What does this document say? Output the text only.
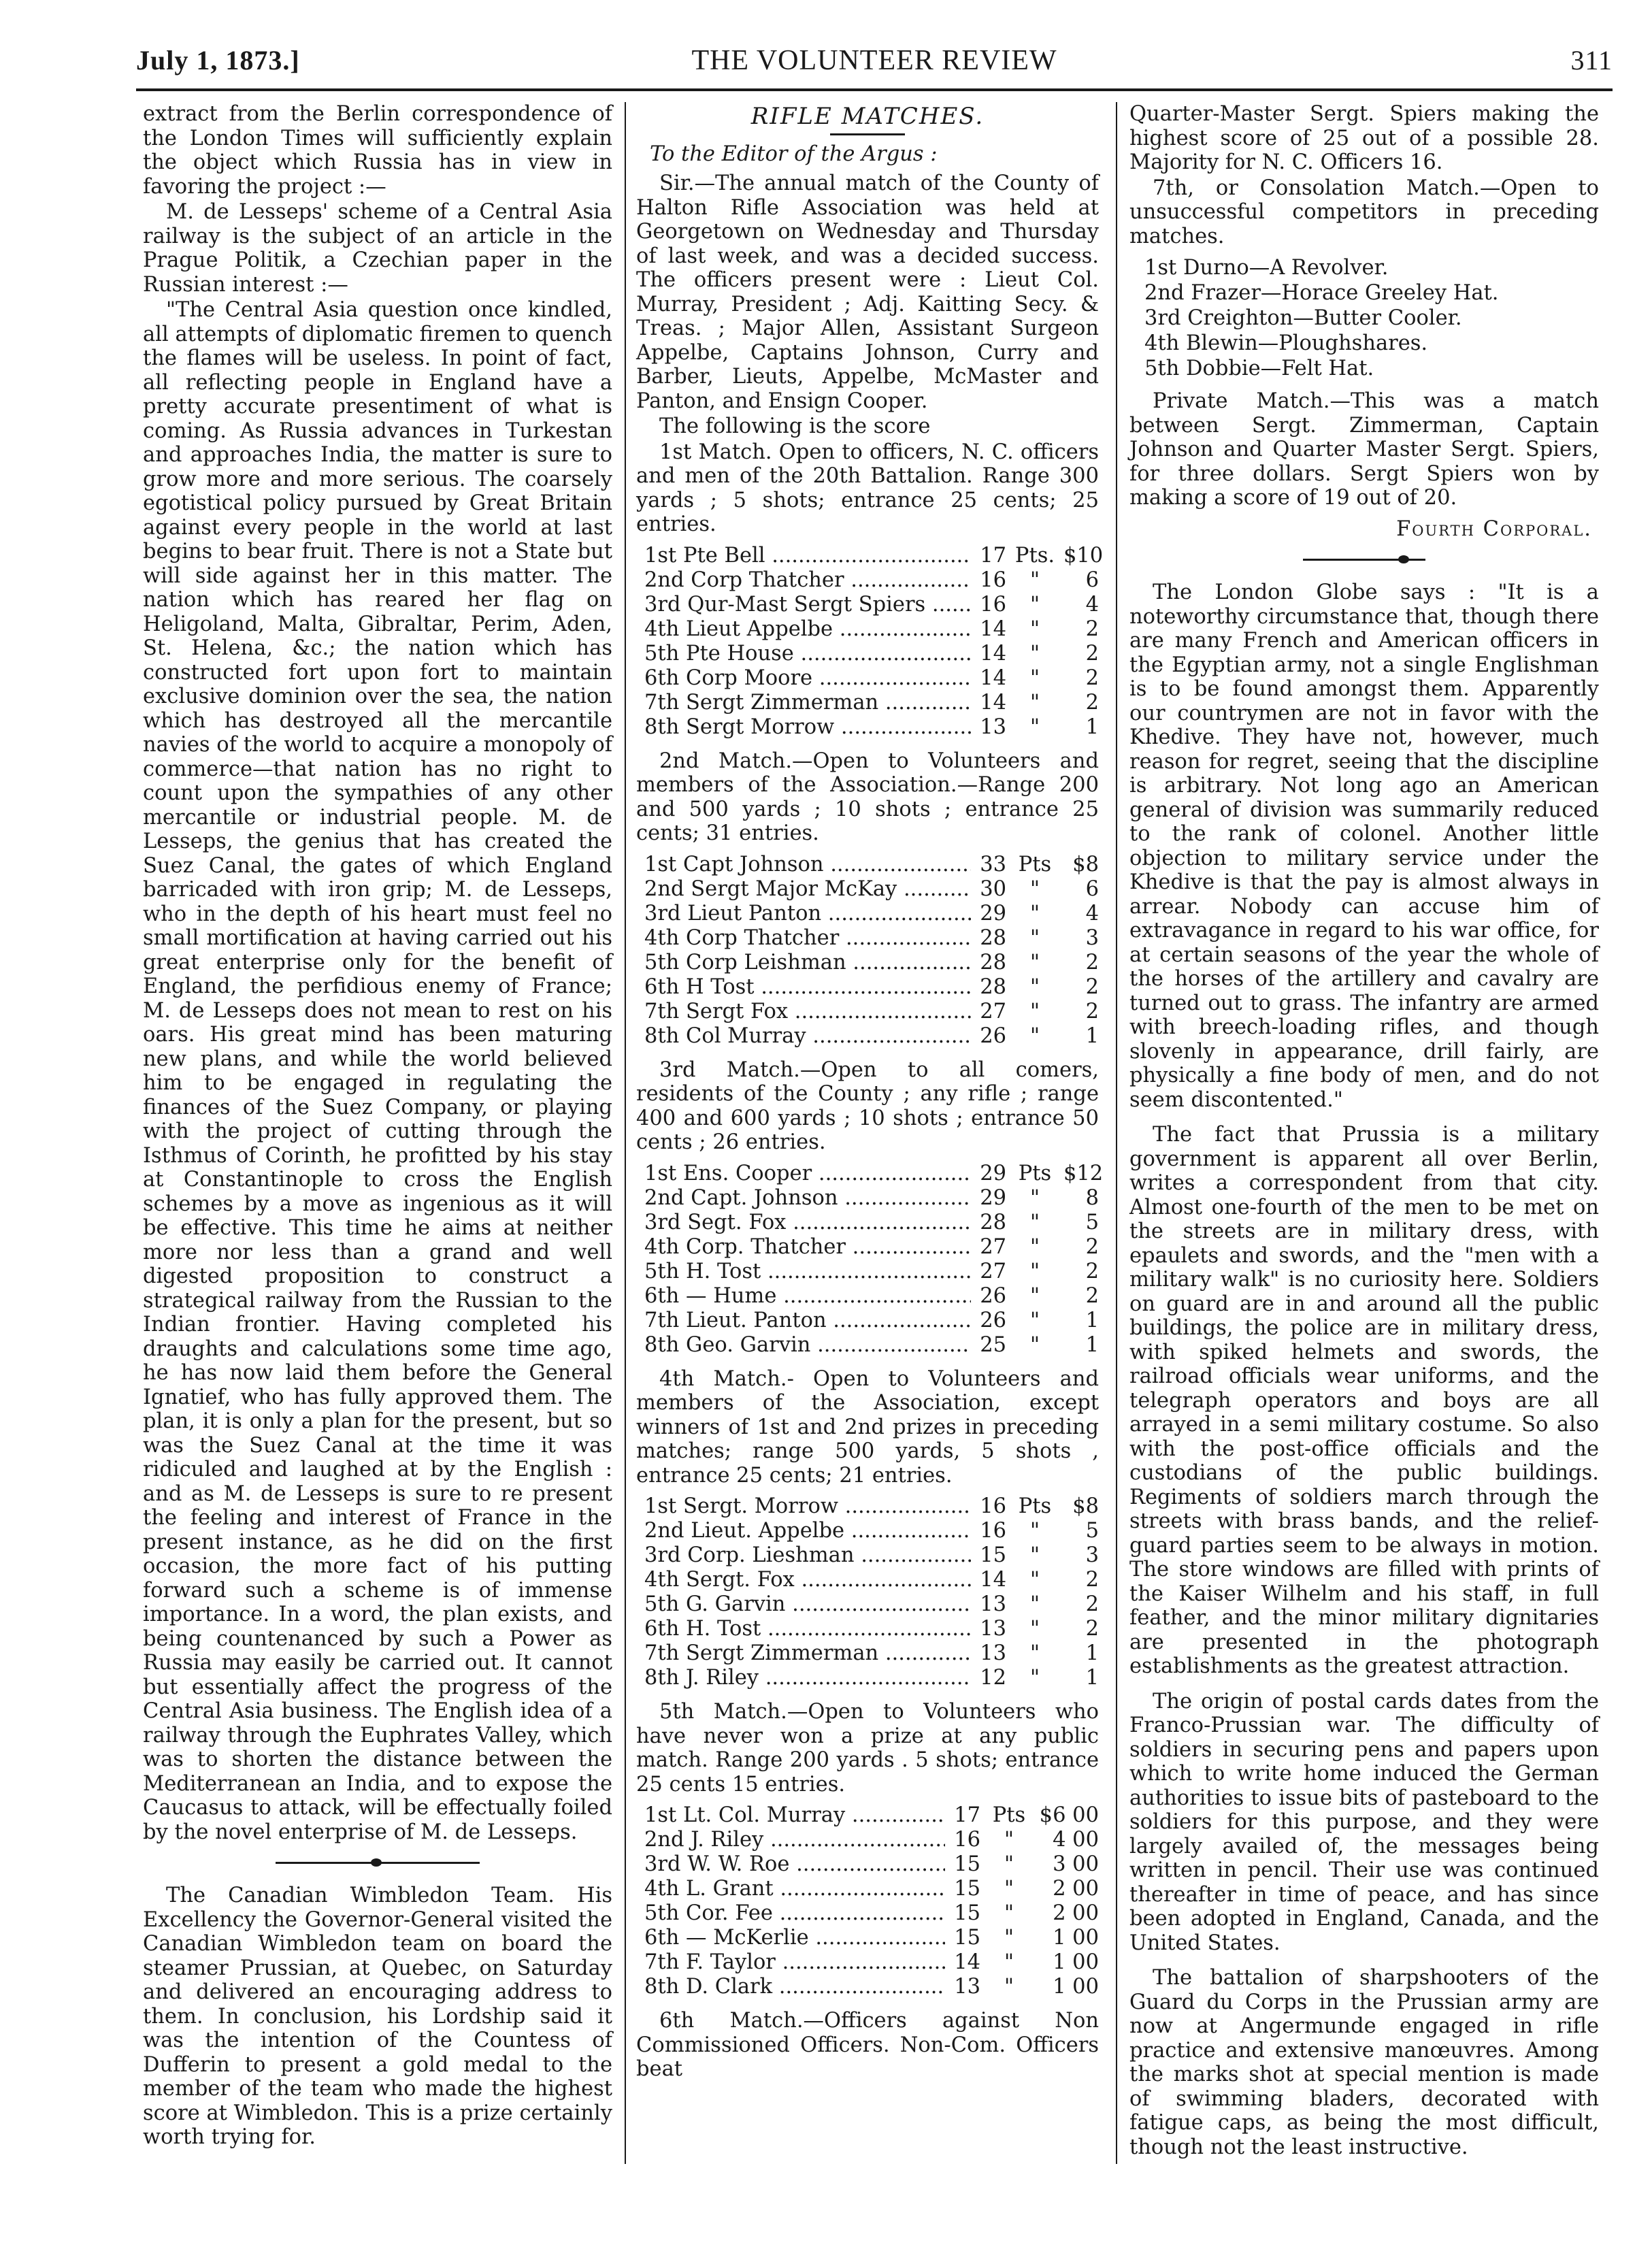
July 1, 1873.]	THE VOLUNTEER REVIEW	311

extract from the Berlin correspondence of the London Times will sufficiently explain the object which Russia has in view in favoring the project :—

M. de Lesseps' scheme of a Central Asia railway is the subject of an article in the Prague Politik, a Czechian paper in the Russian interest :—

"The Central Asia question once kindled, all attempts of diplomatic firemen to quench the flames will be useless. In point of fact, all reflecting people in England have a pretty accurate presentiment of what is coming. As Russia advances in Turkestan and approaches India, the matter is sure to grow more and more serious. The coarsely egotistical policy pursued by Great Britain against every people in the world at last begins to bear fruit. There is not a State but will side against her in this matter. The nation which has reared her flag on Heligoland, Malta, Gibraltar, Perim, Aden, St. Helena, &c.; the nation which has constructed fort upon fort to maintain exclusive dominion over the sea, the nation which has destroyed all the mercantile navies of the world to acquire a monopoly of commerce—that nation has no right to count upon the sympathies of any other mercantile or industrial people. M. de Lesseps, the genius that has created the Suez Canal, the gates of which England barricaded with iron grip; M. de Lesseps, who in the depth of his heart must feel no small mortification at having carried out his great enterprise only for the benefit of England, the perfidious enemy of France; M. de Lesseps does not mean to rest on his oars. His great mind has been maturing new plans, and while the world believed him to be engaged in regulating the finances of the Suez Company, or playing with the project of cutting through the Isthmus of Corinth, he profitted by his stay at Constantinople to cross the English schemes by a move as ingenious as it will be effective. This time he aims at neither more nor less than a grand and well digested proposition to construct a strategical railway from the Russian to the Indian frontier. Having completed his draughts and calculations some time ago, he has now laid them before the General Ignatief, who has fully approved them. The plan, it is only a plan for the present, but so was the Suez Canal at the time it was ridiculed and laughed at by the English : and as M. de Lesseps is sure to re present the feeling and interest of France in the present instance, as he did on the first occasion, the more fact of his putting forward such a scheme is of immense importance. In a word, the plan exists, and being countenanced by such a Power as Russia may easily be carried out. It cannot but essentially affect the progress of the Central Asia business. The English idea of a railway through the Euphrates Valley, which was to shorten the distance between the Mediterranean an India, and to expose the Caucasus to attack, will be effectually foiled by the novel enterprise of M. de Lesseps.

The Canadian Wimbledon Team. His Excellency the Governor-General visited the Canadian Wimbledon team on board the steamer Prussian, at Quebec, on Saturday and delivered an encouraging address to them. In conclusion, his Lordship said it was the intention of the Countess of Dufferin to present a gold medal to the member of the team who made the highest score at Wimbledon. This is a prize certainly worth trying for.

RIFLE MATCHES.

To the Editor of the Argus :

Sir.—The annual match of the County of Halton Rifle Association was held at Georgetown on Wednesday and Thursday of last week, and was a decided success. The officers present were : Lieut Col. Murray, President ; Adj. Kaitting Secy. & Treas. ; Major Allen, Assistant Surgeon Appelbe, Captains Johnson, Curry and Barber, Lieuts, Appelbe, McMaster and Panton, and Ensign Cooper.

The following is the score

1st Match. Open to officers, N. C. officers and men of the 20th Battalion. Range 300 yards ; 5 shots; entrance 25 cents; 25 entries.

1st Pte Bell .....	17 Pts. $10
2nd Corp Thatcher .....	16	"	6
3rd Qur-Mast Sergt Spiers .....	16	"	4
4th Lieut Appelbe .....	14	"	2
5th Pte House .....	14	"	2
6th Corp Moore .....	14	"	2
7th Sergt Zimmerman .....	14	"	2
8th Sergt Morrow .....	13	"	1

2nd Match.—Open to Volunteers and members of the Association.—Range 200 and 500 yards ; 10 shots ; entrance 25 cents; 31 entries.

1st Capt Johnson .....	33 Pts	$8
2nd Sergt Major McKay .....	30	"	6
3rd Lieut Panton .....	29	"	4
4th Corp Thatcher .....	28	"	3
5th Corp Leishman .....	28	"	2
6th H Tost .....	28	"	2
7th Sergt Fox .....	27	"	2
8th Col Murray .....	26	"	1

3rd Match.—Open to all comers, residents of the County ; any rifle ; range 400 and 600 yards ; 10 shots ; entrance 50 cents ; 26 entries.

1st Ens. Cooper .....	29 Pts $12
2nd Capt. Johnson .....	29	"	8
3rd Segt. Fox .....	28	"	5
4th Corp. Thatcher .....	27	"	2
5th H. Tost .....	27	"	2
6th — Hume .....	26	"	2
7th Lieut. Panton .....	26	"	1
8th Geo. Garvin .....	25	"	1

4th Match.- Open to Volunteers and members of the Association, except winners of 1st and 2nd prizes in preceding matches; range 500 yards, 5 shots , entrance 25 cents; 21 entries.

1st Sergt. Morrow .....	16 Pts	$8
2nd Lieut. Appelbe .....	16	"	5
3rd Corp. Lieshman .....	15	"	3
4th Sergt. Fox .....	14	"	2
5th G. Garvin .....	13	"	2
6th H. Tost .....	13	"	2
7th Sergt Zimmerman .....	13	"	1
8th J. Riley .....	12	"	1

5th Match.—Open to Volunteers who have never won a prize at any public match. Range 200 yards . 5 shots; entrance 25 cents 15 entries.

1st Lt. Col. Murray .....	17 Pts $6 00
2nd J. Riley .....	16	"	4 00
3rd W. W. Roe .....	15	"	3 00
4th L. Grant .....	15	"	2 00
5th Cor. Fee .....	15	"	2 00
6th — McKerlie .....	15	"	1 00
7th F. Taylor .....	14	"	1 00
8th D. Clark .....	13	"	1 00

6th Match.—Officers against Non Commissioned Officers. Non-Com. Officers beat

Quarter-Master Sergt. Spiers making the highest score of 25 out of a possible 28. Majority for N. C. Officers 16.

7th, or Consolation Match.—Open to unsuccessful competitors in preceding matches.

1st Durno—A Revolver.
2nd Frazer—Horace Greeley Hat.
3rd Creighton—Butter Cooler.
4th Blewin—Ploughshares.
5th Dobbie—Felt Hat.

Private Match.—This was a match between Sergt. Zimmerman, Captain Johnson and Quarter Master Sergt. Spiers, for three dollars. Sergt Spiers won by making a score of 19 out of 20.

Fourth Corporal.

The London Globe says : "It is a noteworthy circumstance that, though there are many French and American officers in the Egyptian army, not a single Englishman is to be found amongst them. Apparently our countrymen are not in favor with the Khedive. They have not, however, much reason for regret, seeing that the discipline is arbitrary. Not long ago an American general of division was summarily reduced to the rank of colonel. Another little objection to military service under the Khedive is that the pay is almost always in arrear. Nobody can accuse him of extravagance in regard to his war office, for at certain seasons of the year the whole of the horses of the artillery and cavalry are turned out to grass. The infantry are armed with breech-loading rifles, and though slovenly in appearance, drill fairly, are physically a fine body of men, and do not seem discontented."

The fact that Prussia is a military government is apparent all over Berlin, writes a correspondent from that city. Almost one-fourth of the men to be met on the streets are in military dress, with epaulets and swords, and the "men with a military walk" is no curiosity here. Soldiers on guard are in and around all the public buildings, the police are in military dress, with spiked helmets and swords, the railroad officials wear uniforms, and the telegraph operators and boys are all arrayed in a semi military costume. So also with the post-office officials and the custodians of the public buildings. Regiments of soldiers march through the streets with brass bands, and the relief-guard parties seem to be always in motion. The store windows are filled with prints of the Kaiser Wilhelm and his staff, in full feather, and the minor military dignitaries are presented in the photograph establishments as the greatest attraction.

The origin of postal cards dates from the Franco-Prussian war. The difficulty of soldiers in securing pens and papers upon which to write home induced the German authorities to issue bits of pasteboard to the soldiers for this purpose, and they were largely availed of, the messages being written in pencil. Their use was continued thereafter in time of peace, and has since been adopted in England, Canada, and the United States.

The battalion of sharpshooters of the Guard du Corps in the Prussian army are now at Angermunde engaged in rifle practice and extensive manœuvres. Among the marks shot at special mention is made of swimming bladers, decorated with fatigue caps, as being the most difficult, though not the least instructive.
